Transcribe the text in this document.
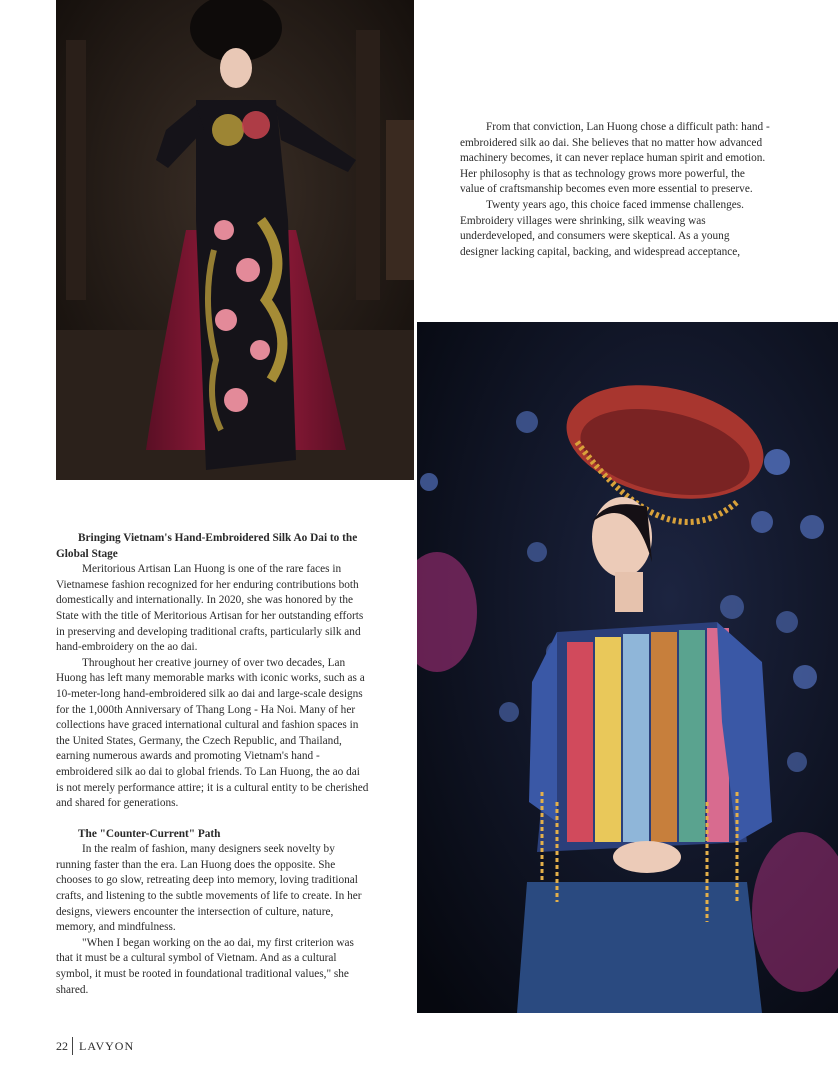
From that conviction, Lan Huong chose a difficult path: hand - embroidered silk ao dai. She believes that no matter how advanced machinery becomes, it can never replace human spirit and emotion. Her philosophy is that as technology grows more powerful, the value of craftsmanship becomes even more essential to preserve.

Twenty years ago, this choice faced immense challenges. Embroidery villages were shrinking, silk weaving was underdeveloped, and consumers were skeptical. As a young designer lacking capital, backing, and widespread acceptance,

Bringing Vietnam's Hand-Embroidered Silk Ao Dai to the Global Stage

Meritorious Artisan Lan Huong is one of the rare faces in Vietnamese fashion recognized for her enduring contributions both domestically and internationally. In 2020, she was honored by the State with the title of Meritorious Artisan for her outstanding efforts in preserving and developing traditional crafts, particularly silk and hand-embroidery on the ao dai.

Throughout her creative journey of over two decades, Lan Huong has left many memorable marks with iconic works, such as a 10-meter-long hand-embroidered silk ao dai and large-scale designs for the 1,000th Anniversary of Thang Long - Ha Noi. Many of her collections have graced international cultural and fashion spaces in the United States, Germany, the Czech Republic, and Thailand, earning numerous awards and promoting Vietnam's hand - embroidered silk ao dai to global friends. To Lan Huong, the ao dai is not merely performance attire; it is a cultural entity to be cherished and shared for generations.

The "Counter-Current" Path

In the realm of fashion, many designers seek novelty by running faster than the era. Lan Huong does the opposite. She chooses to go slow, retreating deep into memory, loving traditional crafts, and listening to the subtle movements of life to create. In her designs, viewers encounter the intersection of culture, nature, memory, and mindfulness.

"When I began working on the ao dai, my first criterion was that it must be a cultural symbol of Vietnam. And as a cultural symbol, it must be rooted in foundational traditional values," she shared.

22 LAVYON
